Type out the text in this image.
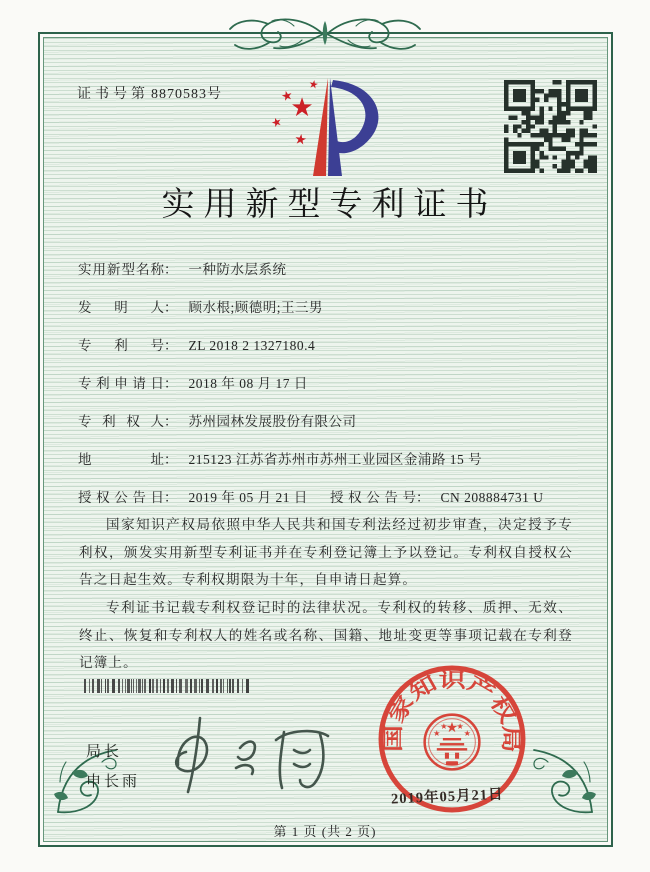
证书号第 8870583号	★
★
★
★
★
实用新型专利证书
实用新型名称 ： 一种防水层系统
发明人 ： 顾水根;顾德明;王三男
专利号 ： ZL 2018 2 1327180.4
专利申请日 ： 2018 年 08 月 17 日
专利权人 ： 苏州园林发展股份有限公司
地址 ： 215123 江苏省苏州市苏州工业园区金浦路 15 号
授权公告日 ： 2019 年 05 月 21 日 授权公告号 ： CN 208884731 U

国家知识产权局依照中华人民共和国专利法经过初步审查，决定授予专利权，颁发实用新型专利证书并在专利登记簿上予以登记。专利权自授权公告之日起生效。专利权期限为十年，自申请日起算。

专利证书记载专利权登记时的法律状况。专利权的转移、质押、无效、终止、恢复和专利权人的姓名或名称、国籍、地址变更等事项记载在专利登记簿上。

局长
申长雨
国家知识产权局
★
★
★ ★
★
2019年05月21日
第 1 页 (共 2 页)
